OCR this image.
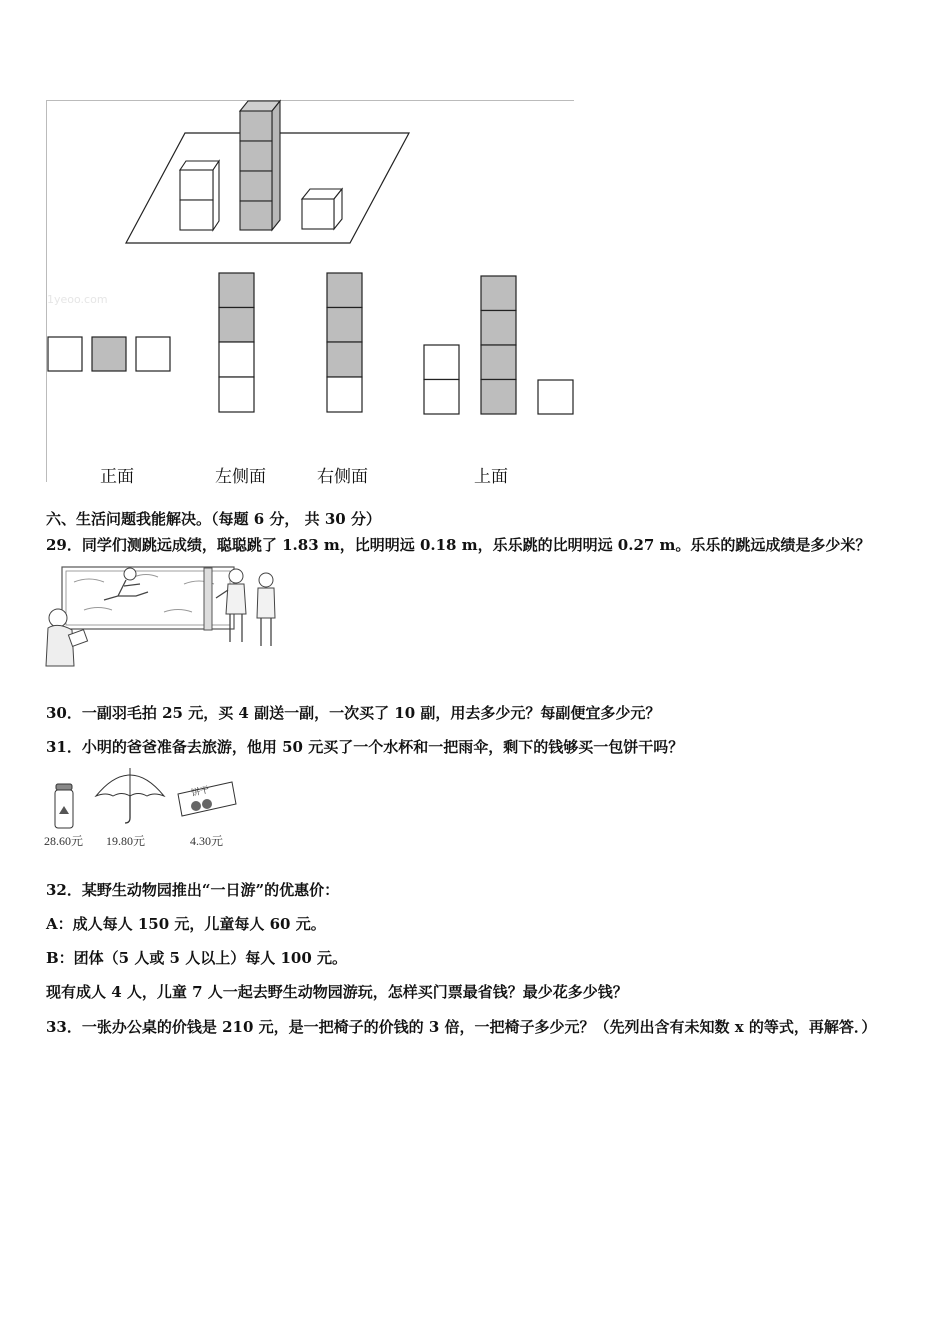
1yeoo.com
正面	左侧面	右侧面	上面
六、生活问题我能解决。（每题 6 分， 共 30 分）
29．同学们测跳远成绩，聪聪跳了 1.83 m，比明明远 0.18 m，乐乐跳的比明明远 0.27 m。乐乐的跳远成绩是多少米？
30．一副羽毛拍 25 元，买 4 副送一副，一次买了 10 副，用去多少元？每副便宜多少元？
31．小明的爸爸准备去旅游，他用 50 元买了一个水杯和一把雨伞，剩下的钱够买一包饼干吗？
28.60元 19.80元
饼干
4.30元
32．某野生动物园推出“一日游”的优惠价：
A：成人每人 150 元，儿童每人 60 元。
B：团体（5 人或 5 人以上）每人 100 元。
现有成人 4 人，儿童 7 人一起去野生动物园游玩，怎样买门票最省钱？最少花多少钱？
33．一张办公桌的价钱是 210 元，是一把椅子的价钱的 3 倍，一把椅子多少元？（先列出含有未知数 x 的等式，再解答．）
